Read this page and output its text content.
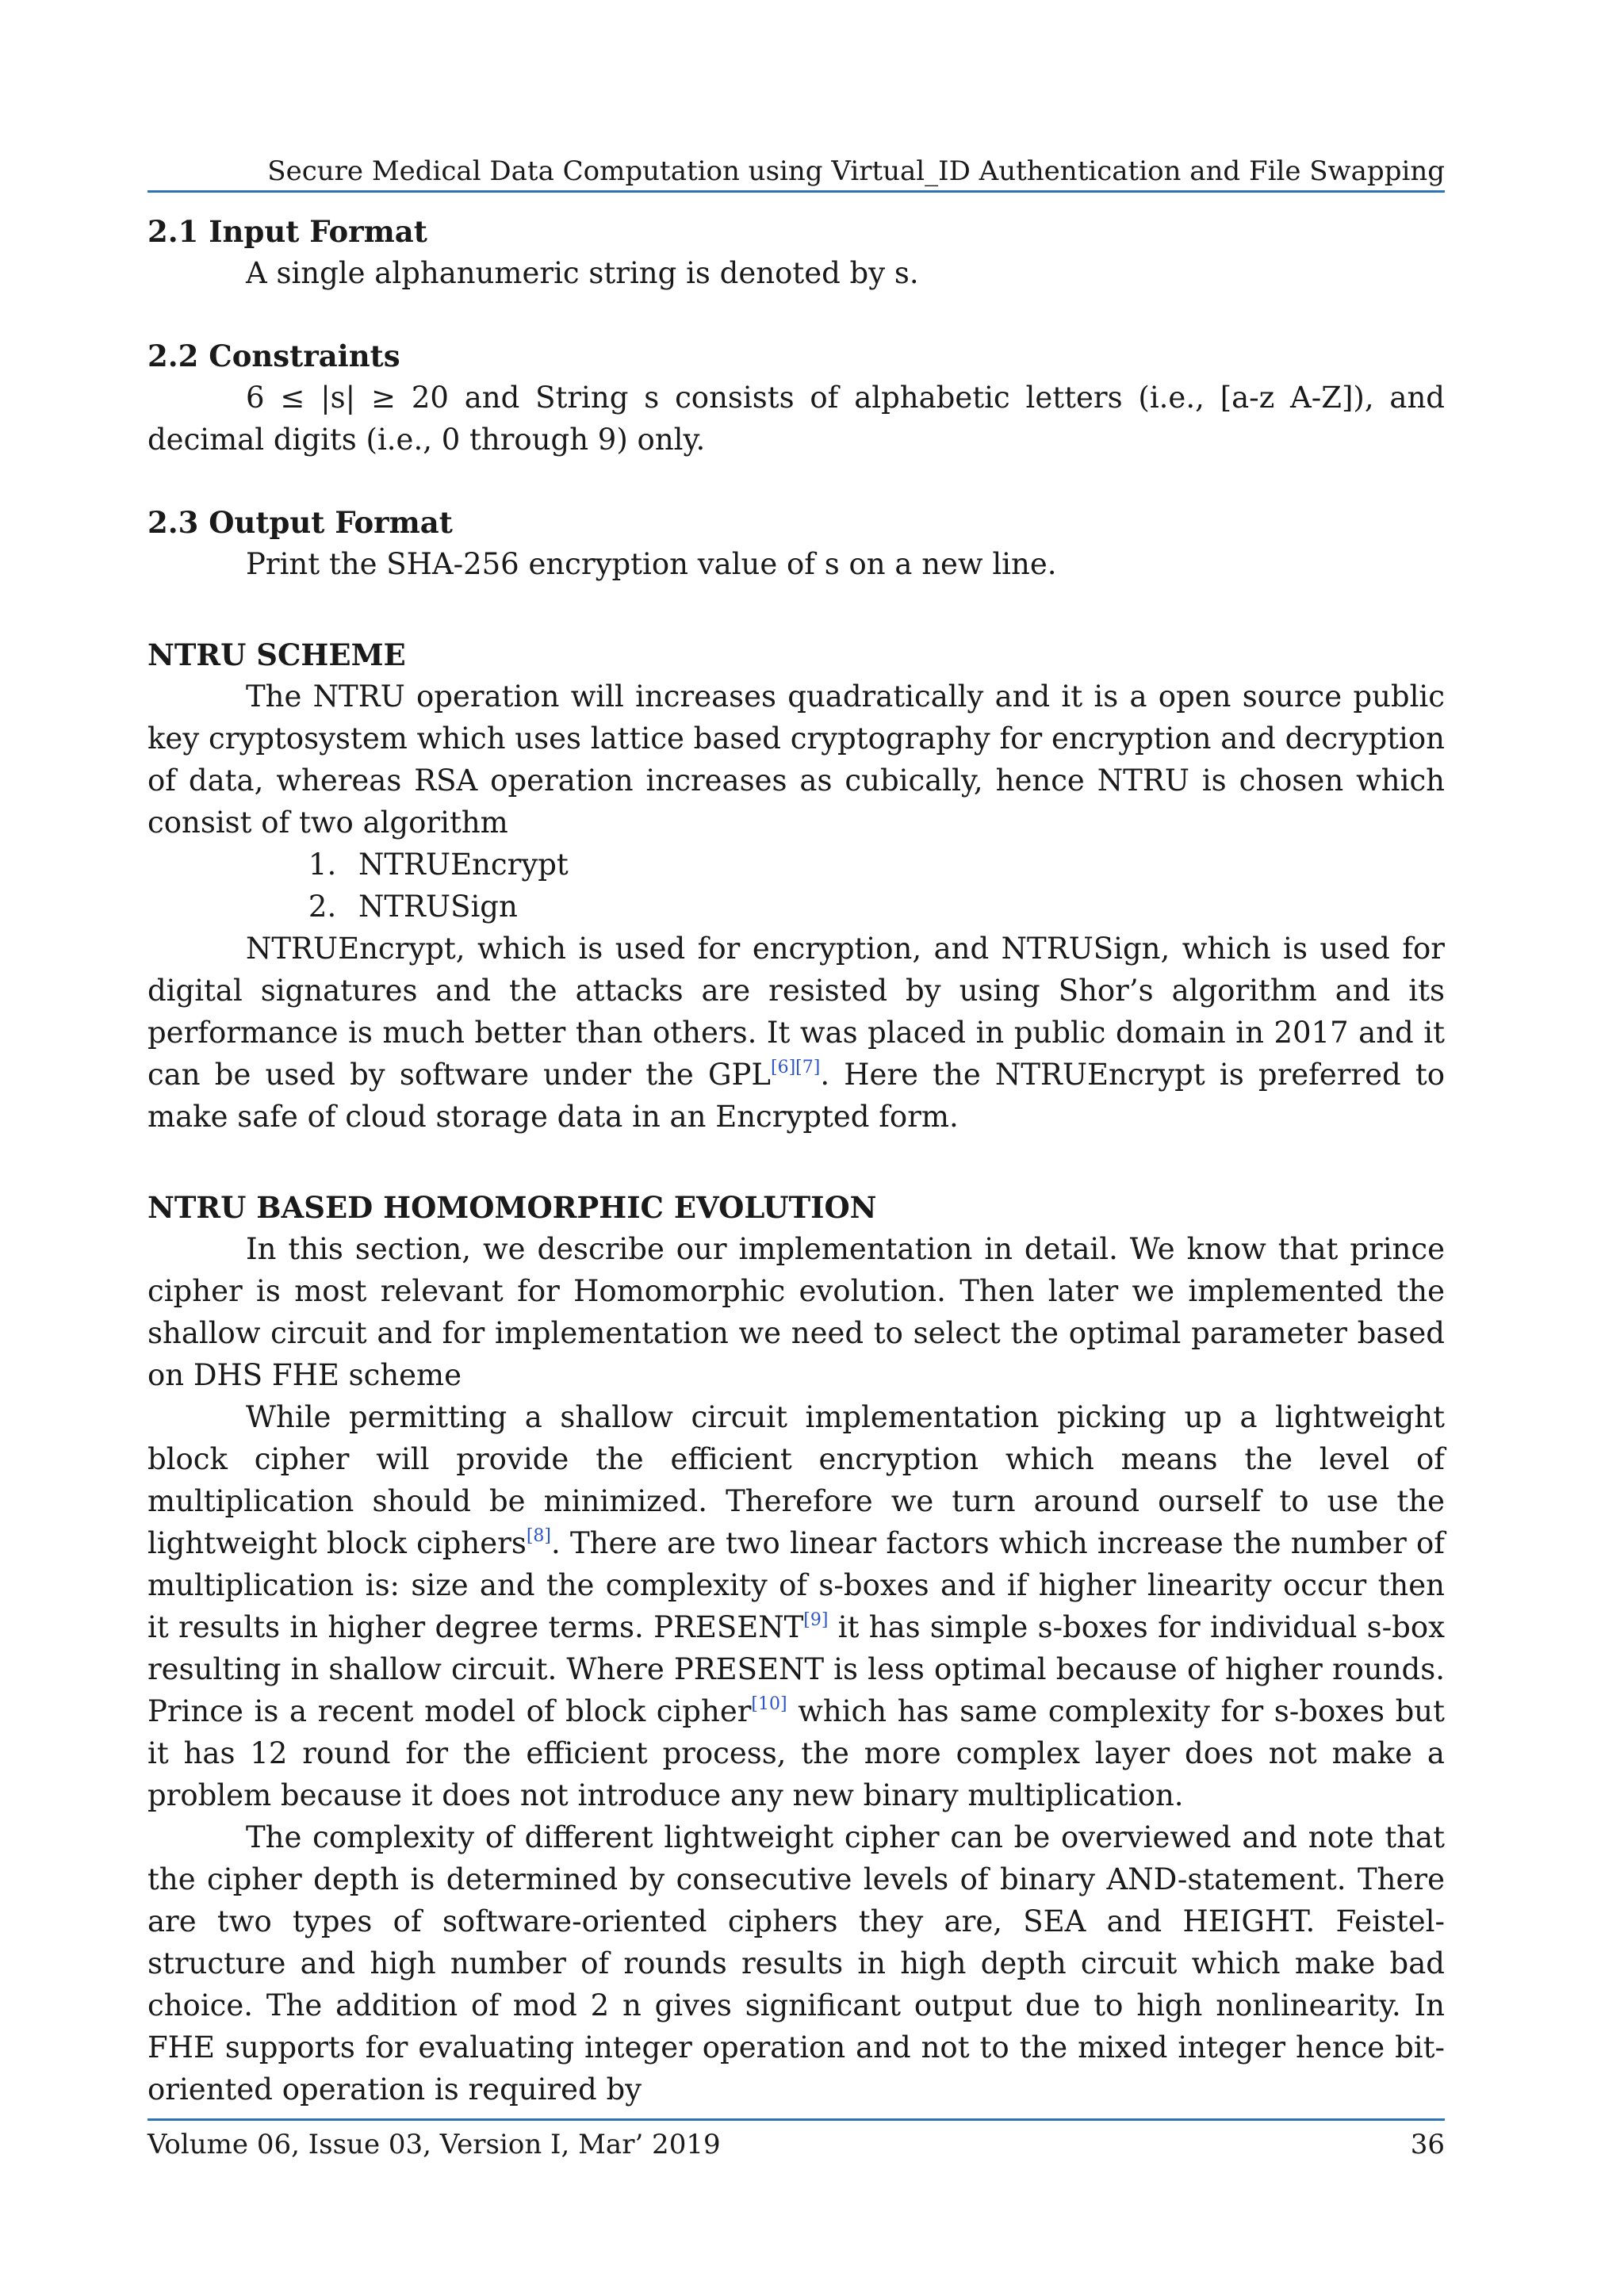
Secure Medical Data Computation using Virtual_ID Authentication and File Swapping
2.1 Input Format

A single alphanumeric string is denoted by s.

2.2 Constraints

6 ≤ |s| ≥ 20 and String s consists of alphabetic letters (i.e., [a-z A-Z]), and decimal digits (i.e., 0 through 9) only.

2.3 Output Format

Print the SHA-256 encryption value of s on a new line.

NTRU SCHEME

The NTRU operation will increases quadratically and it is a open source public key cryptosystem which uses lattice based cryptography for encryption and decryption of data, whereas RSA operation increases as cubically, hence NTRU is chosen which consist of two algorithm

1. NTRUEncrypt
2. NTRUSign

NTRUEncrypt, which is used for encryption, and NTRUSign, which is used for digital signatures and the attacks are resisted by using Shor’s algorithm and its performance is much better than others. It was placed in public domain in 2017 and it can be used by software under the GPL[6][7]. Here the NTRUEncrypt is preferred to make safe of cloud storage data in an Encrypted form.

NTRU BASED HOMOMORPHIC EVOLUTION

In this section, we describe our implementation in detail. We know that prince cipher is most relevant for Homomorphic evolution. Then later we implemented the shallow circuit and for implementation we need to select the optimal parameter based on DHS FHE scheme

While permitting a shallow circuit implementation picking up a lightweight block cipher will provide the efficient encryption which means the level of multiplication should be minimized. Therefore we turn around ourself to use the lightweight block ciphers[8]. There are two linear factors which increase the number of multiplication is: size and the complexity of s-boxes and if higher linearity occur then it results in higher degree terms. PRESENT[9] it has simple s-boxes for individual s-box resulting in shallow circuit. Where PRESENT is less optimal because of higher rounds. Prince is a recent model of block cipher[10] which has same complexity for s-boxes but it has 12 round for the efficient process, the more complex layer does not make a problem because it does not introduce any new binary multiplication.

The complexity of different lightweight cipher can be overviewed and note that the cipher depth is determined by consecutive levels of binary AND-statement. There are two types of software-oriented ciphers they are, SEA and HEIGHT. Feistel-structure and high number of rounds results in high depth circuit which make bad choice. The addition of mod 2 n gives significant output due to high nonlinearity. In FHE supports for evaluating integer operation and not to the mixed integer hence bit-oriented operation is required by

Volume 06, Issue 03, Version I, Mar’ 2019	36
